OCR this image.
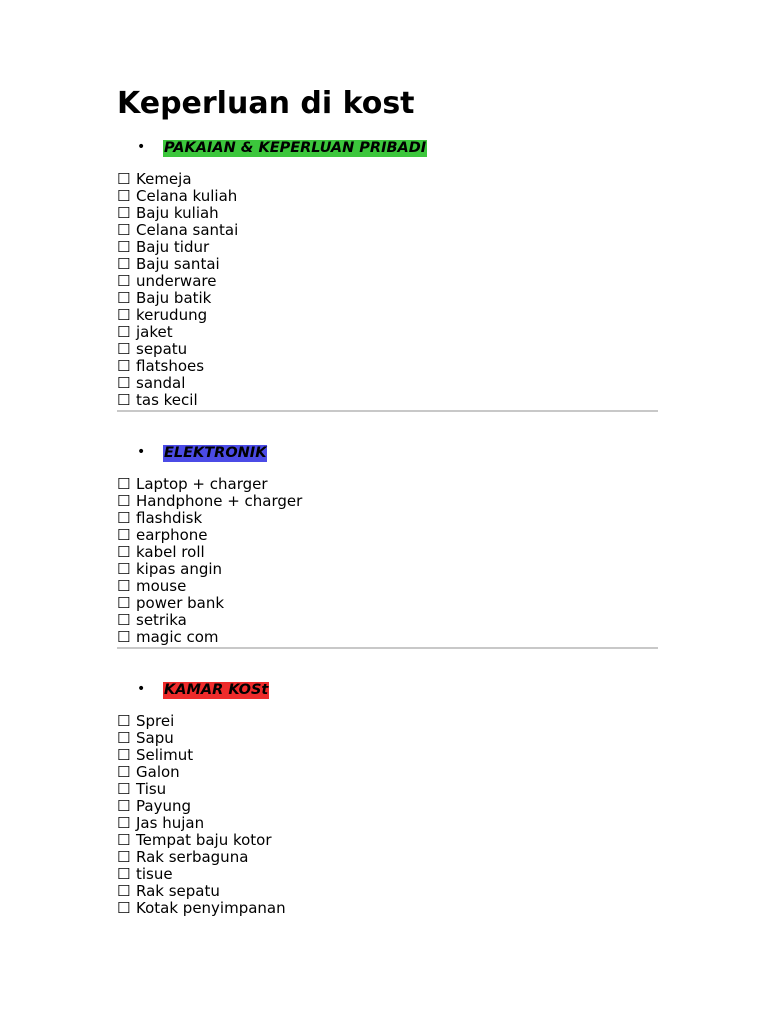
Keperluan di kost
• PAKAIAN & KEPERLUAN PRIBADI
☐ Kemeja
☐ Celana kuliah
☐ Baju kuliah
☐ Celana santai
☐ Baju tidur
☐ Baju santai
☐ underware
☐ Baju batik
☐ kerudung
☐ jaket
☐ sepatu
☐ flatshoes
☐ sandal
☐ tas kecil
• ELEKTRONIK
☐ Laptop + charger
☐ Handphone + charger
☐ flashdisk
☐ earphone
☐ kabel roll
☐ kipas angin
☐ mouse
☐ power bank
☐ setrika
☐ magic com
• KAMAR KOSt
☐ Sprei
☐ Sapu
☐ Selimut
☐ Galon
☐ Tisu
☐ Payung
☐ Jas hujan
☐ Tempat baju kotor
☐ Rak serbaguna
☐ tisue
☐ Rak sepatu
☐ Kotak penyimpanan
